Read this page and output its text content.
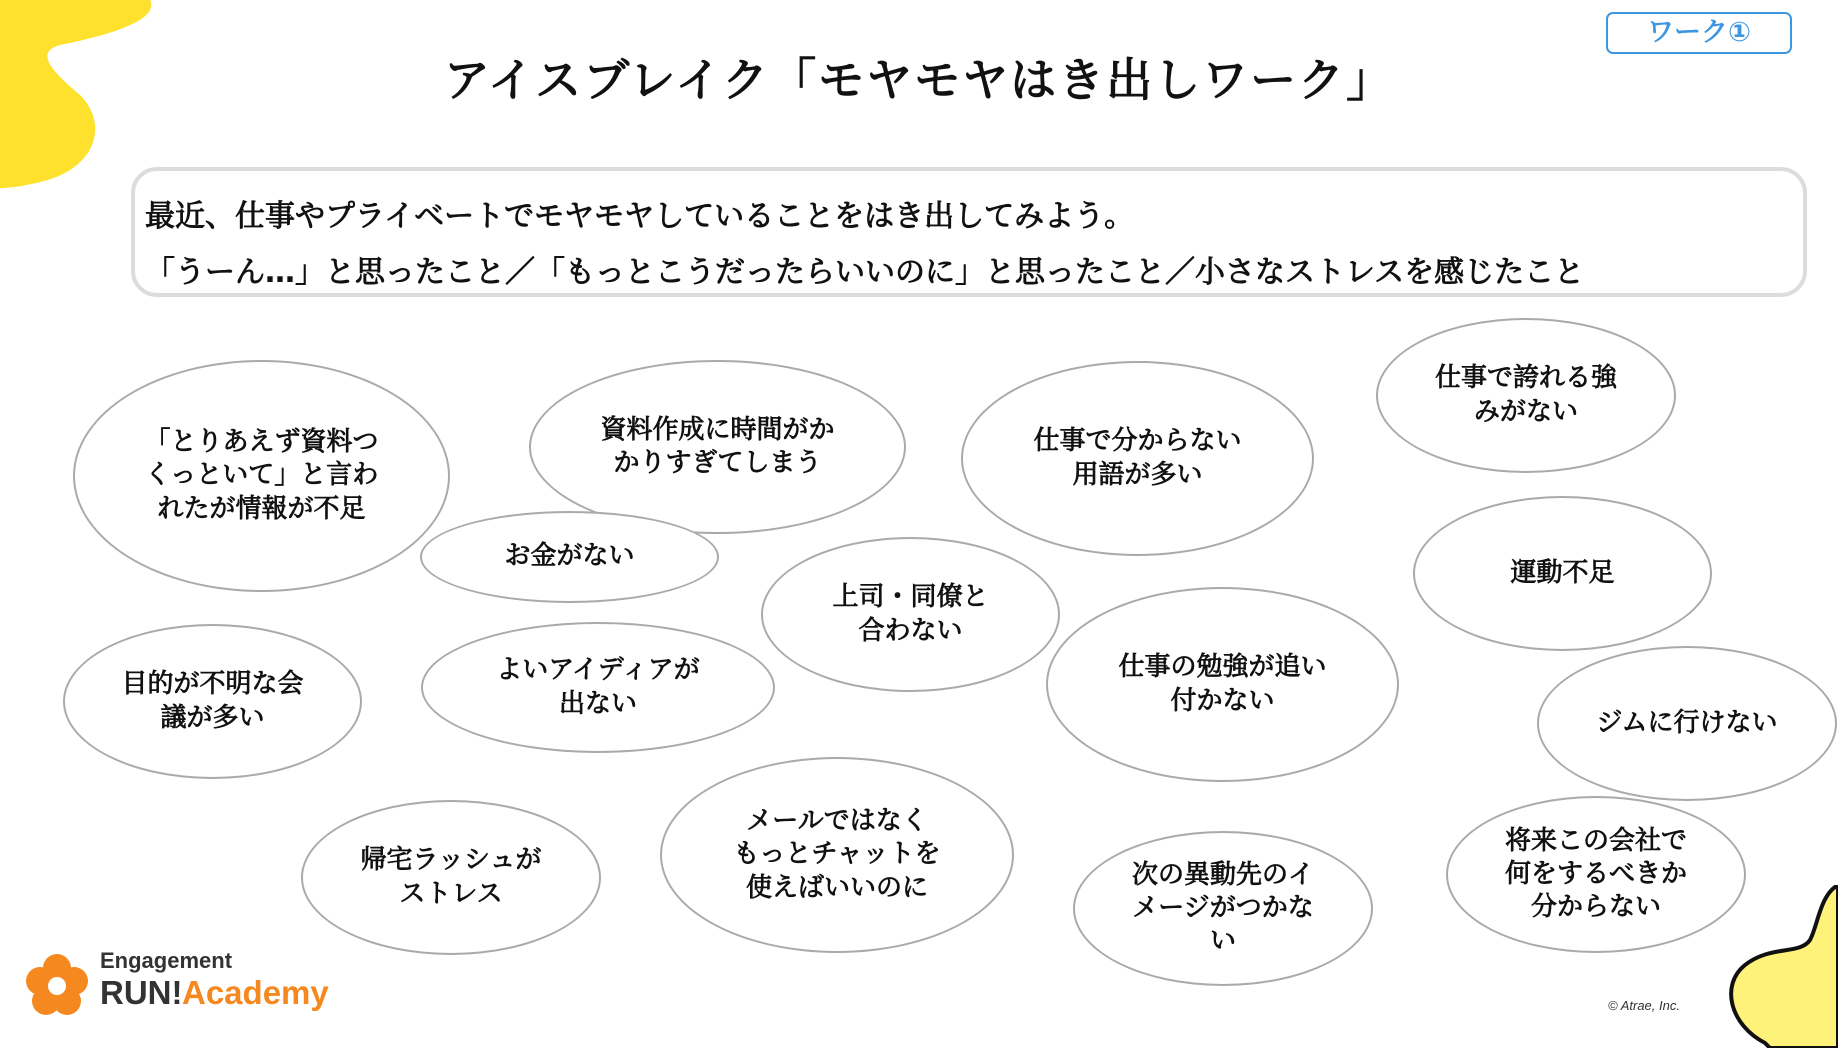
ワーク①
アイスブレイク「モヤモヤはき出しワーク」

最近、仕事やプライベートでモヤモヤしていることをはき出してみよう。

「うーん…」と思ったこと／「もっとこうだったらいいのに」と思ったこと／小さなストレスを感じたこと

「とりあえず資料つ
くっといて」と言わ
れたが情報が不足
資料作成に時間がか
かりすぎてしまう
お金がない
仕事で分からない
用語が多い
仕事で誇れる強
みがない
上司・同僚と
合わない
運動不足
目的が不明な会
議が多い
よいアイディアが
出ない
仕事の勉強が追い
付かない
ジムに行けない
帰宅ラッシュが
ストレス
メールではなく
もっとチャットを
使えばいいのに	次の異動先のイ
メージがつかな
い
将来この会社で
何をするべきか
分からない
Engagement
RUN! Academy	© Atrae, Inc.
